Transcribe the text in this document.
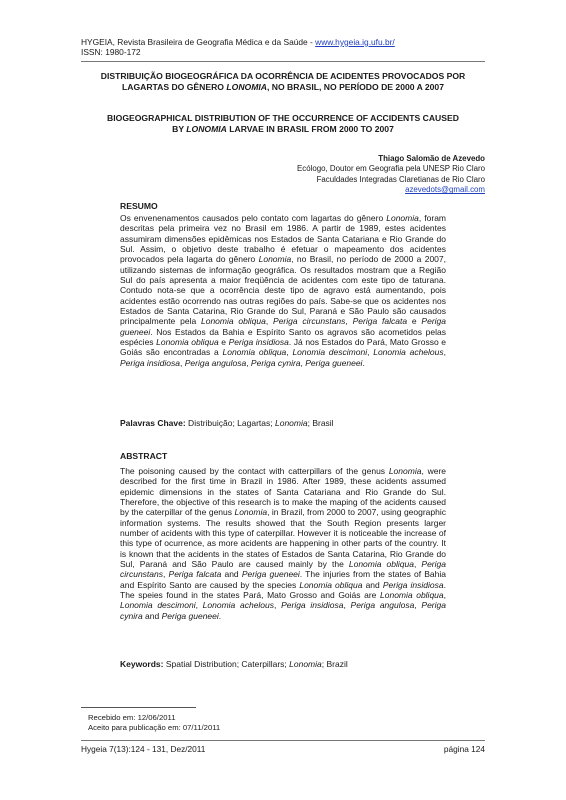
HYGEIA, Revista Brasileira de Geografia Médica e da Saúde - www.hygeia.ig.ufu.br/
ISSN: 1980-172
DISTRIBUIÇÃO BIOGEOGRÁFICA DA OCORRÊNCIA DE ACIDENTES PROVOCADOS POR
LAGARTAS DO GÊNERO LONOMIA, NO BRASIL, NO PERÍODO DE 2000 A 2007
BIOGEOGRAPHICAL DISTRIBUTION OF THE OCCURRENCE OF ACCIDENTS CAUSED
BY LONOMIA LARVAE IN BRASIL FROM 2000 TO 2007
Thiago Salomão de Azevedo
Ecólogo, Doutor em Geografia pela UNESP Rio Claro
Faculdades Integradas Claretianas de Rio Claro
azevedots@gmail.com
RESUMO
Os envenenamentos causados pelo contato com lagartas do gênero Lonomia, foram descritas pela primeira vez no Brasil em 1986. A partir de 1989, estes acidentes assumiram dimensões epidêmicas nos Estados de Santa Catariana e Rio Grande do Sul. Assim, o objetivo deste trabalho é efetuar o mapeamento dos acidentes provocados pela lagarta do gênero Lonomia, no Brasil, no período de 2000 a 2007, utilizando sistemas de informação geográfica. Os resultados mostram que a Região Sul do país apresenta a maior freqüência de acidentes com este tipo de taturana. Contudo nota-se que a ocorrência deste tipo de agravo está aumentando, pois acidentes estão ocorrendo nas outras regiões do país. Sabe-se que os acidentes nos Estados de Santa Catarina, Rio Grande do Sul, Paraná e São Paulo são causados principalmente pela Lonomia obliqua, Periga circunstans, Periga falcata e Periga gueneei. Nos Estados da Bahia e Espírito Santo os agravos são acometidos pelas espécies Lonomia obliqua e Periga insidiosa. Já nos Estados do Pará, Mato Grosso e Goiás são encontradas a Lonomia obliqua, Lonomia descimoni, Lonomia achelous, Periga insidiosa, Periga angulosa, Periga cynira, Periga gueneei.
Palavras Chave: Distribuição; Lagartas; Lonomia; Brasil
ABSTRACT
The poisoning caused by the contact with catterpillars of the genus Lonomia, were described for the first time in Brazil in 1986. After 1989, these acidents assumed epidemic dimensions in the states of Santa Catariana and Rio Grande do Sul. Therefore, the objective of this research is to make the maping of the acidents caused by the caterpillar of the genus Lonomia, in Brazil, from 2000 to 2007, using geographic information systems. The results showed that the South Region presents larger number of acidents with this type of caterpillar. However it is noticeable the increase of this type of ocurrence, as more acidents are happening in other parts of the country. It is known that the acidents in the states of Estados de Santa Catarina, Rio Grande do Sul, Paraná and São Paulo are caused mainly by the Lonomia obliqua, Periga circunstans, Periga falcata and Periga gueneei. The injuries from the states of Bahia and Espírito Santo are caused by the species Lonomia obliqua and Periga insidiosa. The speies found in the states Pará, Mato Grosso and Goiás are Lonomia obliqua, Lonomia descimoni, Lonomia achelous, Periga insidiosa, Periga angulosa, Periga cynira and Periga gueneei.
Keywords: Spatial Distribution; Caterpillars; Lonomia; Brazil
Recebido em: 12/06/2011
Aceito para publicação em: 07/11/2011
Hygeia 7(13):124 - 131, Dez/2011	página 124
